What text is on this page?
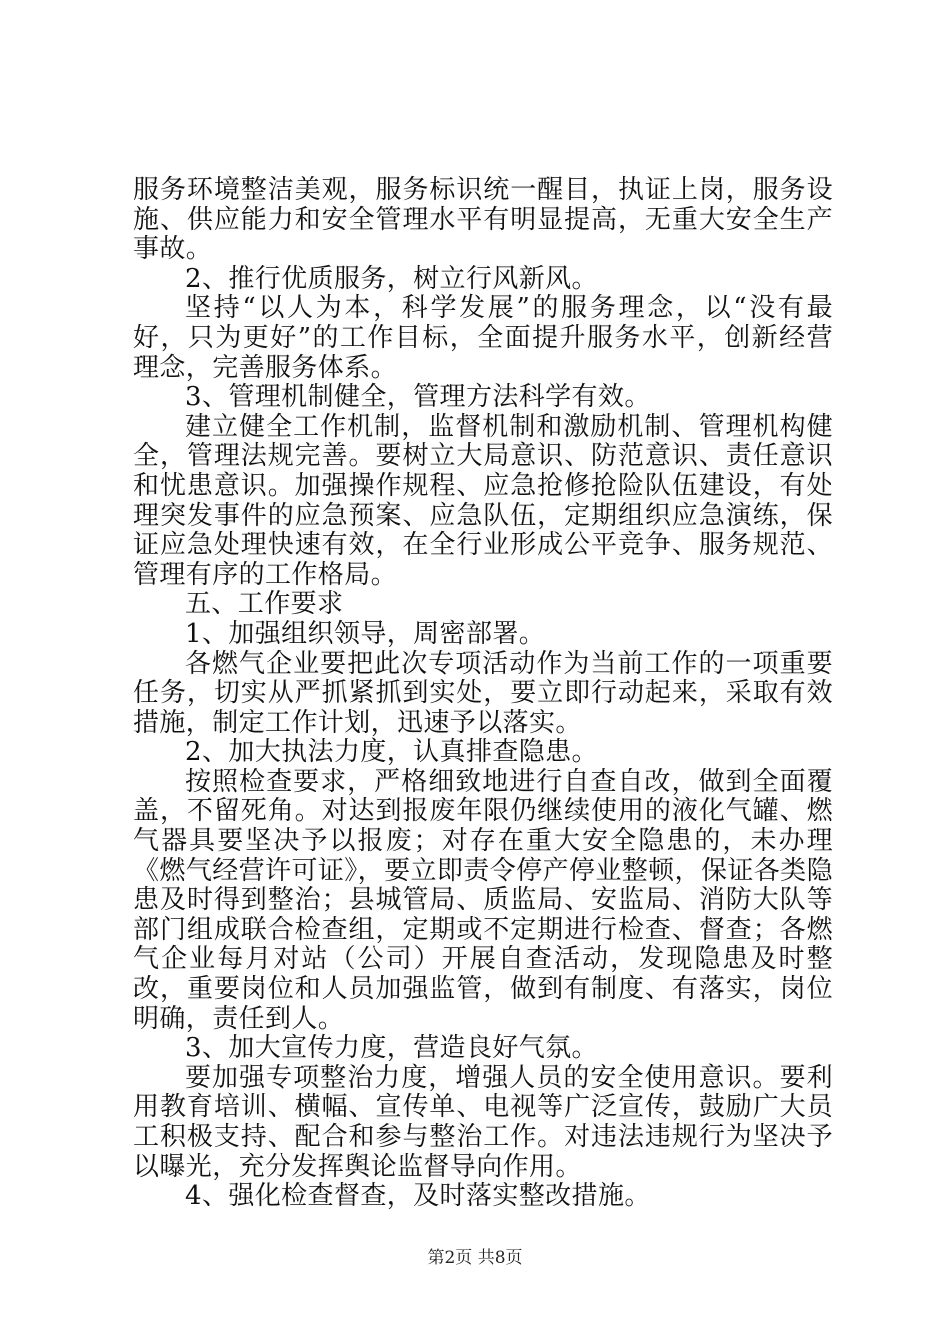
服务环境整洁美观，服务标识统一醒目，执证上岗，服务设施、供应能力和安全管理水平有明显提高，无重大安全生产事故。

2、推行优质服务，树立行风新风。

坚持“以人为本，科学发展”的服务理念，以“没有最好，只为更好”的工作目标，全面提升服务水平，创新经营理念，完善服务体系。

3、管理机制健全，管理方法科学有效。

建立健全工作机制，监督机制和激励机制、管理机构健全，管理法规完善。要树立大局意识、防范意识、责任意识和忧患意识。加强操作规程、应急抢修抢险队伍建设，有处理突发事件的应急预案、应急队伍，定期组织应急演练，保证应急处理快速有效，在全行业形成公平竞争、服务规范、管理有序的工作格局。

五、工作要求

1、加强组织领导，周密部署。

各燃气企业要把此次专项活动作为当前工作的一项重要任务，切实从严抓紧抓到实处，要立即行动起来，采取有效措施，制定工作计划，迅速予以落实。

2、加大执法力度，认真排查隐患。

按照检查要求，严格细致地进行自查自改，做到全面覆盖，不留死角。对达到报废年限仍继续使用的液化气罐、燃气器具要坚决予以报废；对存在重大安全隐患的，未办理《燃气经营许可证》，要立即责令停产停业整顿，保证各类隐患及时得到整治；县城管局、质监局、安监局、消防大队等部门组成联合检查组，定期或不定期进行检查、督查；各燃气企业每月对站（公司）开展自查活动，发现隐患及时整改，重要岗位和人员加强监管，做到有制度、有落实，岗位明确，责任到人。

3、加大宣传力度，营造良好气氛。

要加强专项整治力度，增强人员的安全使用意识。要利用教育培训、横幅、宣传单、电视等广泛宣传，鼓励广大员工积极支持、配合和参与整治工作。对违法违规行为坚决予以曝光，充分发挥舆论监督导向作用。

4、强化检查督查，及时落实整改措施。

第2页 共8页
